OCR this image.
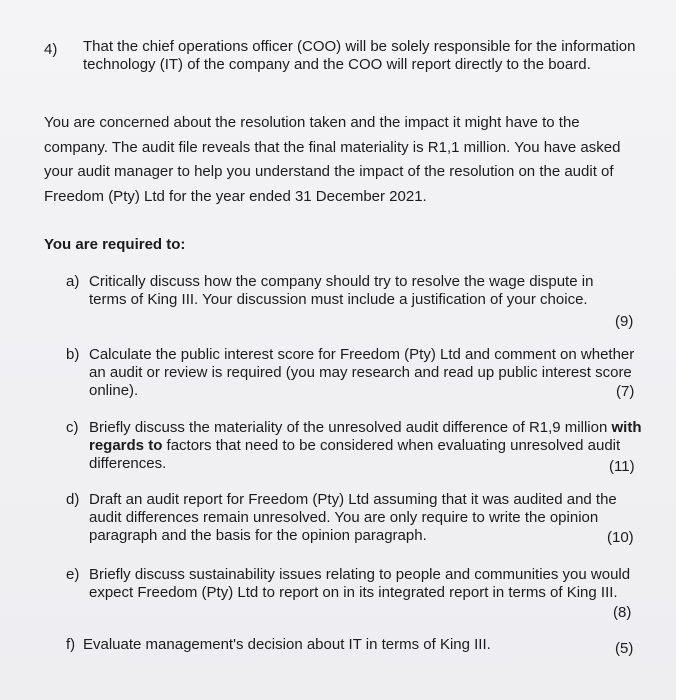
4) That the chief operations officer (COO) will be solely responsible for the information technology (IT) of the company and the COO will report directly to the board.
You are concerned about the resolution taken and the impact it might have to the company. The audit file reveals that the final materiality is R1,1 million. You have asked your audit manager to help you understand the impact of the resolution on the audit of Freedom (Pty) Ltd for the year ended 31 December 2021.
You are required to:
a) Critically discuss how the company should try to resolve the wage dispute in terms of King III. Your discussion must include a justification of your choice.
(9)
b) Calculate the public interest score for Freedom (Pty) Ltd and comment on whether an audit or review is required (you may research and read up public interest score online).	(7)
c) Briefly discuss the materiality of the unresolved audit difference of R1,9 million with regards to factors that need to be considered when evaluating unresolved audit differences.	(11)
d) Draft an audit report for Freedom (Pty) Ltd assuming that it was audited and the audit differences remain unresolved. You are only require to write the opinion paragraph and the basis for the opinion paragraph.	(10)
e) Briefly discuss sustainability issues relating to people and communities you would expect Freedom (Pty) Ltd to report on in its integrated report in terms of King III.
(8)
f) Evaluate management's decision about IT in terms of King III.	(5)
